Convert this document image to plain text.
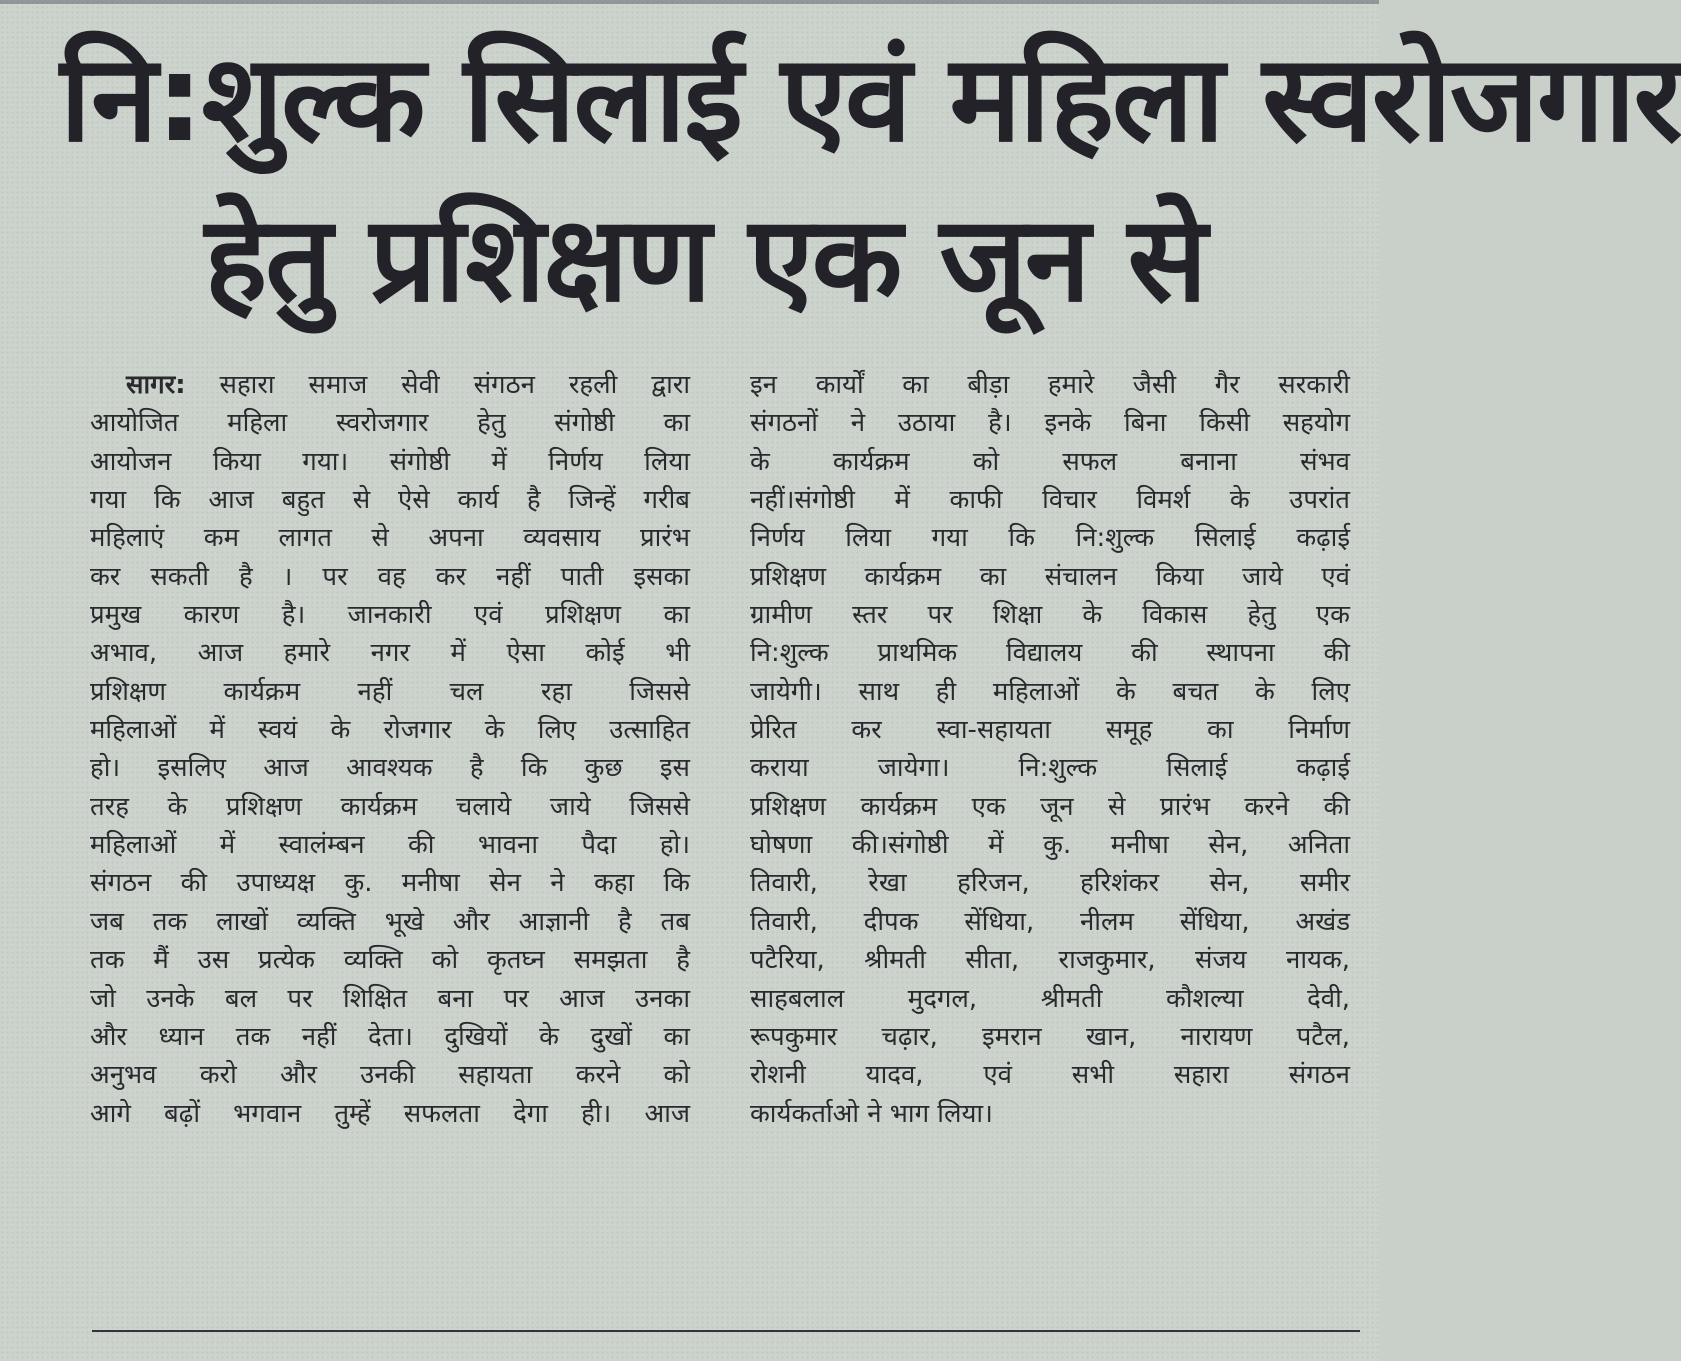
नि:शुल्क सिलाई एवं महिला स्वरोजगार
हेतु प्रशिक्षण एक जून से
सागर: सहारा समाज सेवी संगठन रहली द्वारा
आयोजित महिला स्वरोजगार हेतु संगोष्ठी का
आयोजन किया गया। संगोष्ठी में निर्णय लिया
गया कि आज बहुत से ऐसे कार्य है जिन्हें गरीब
महिलाएं कम लागत से अपना व्यवसाय प्रारंभ
कर सकती है । पर वह कर नहीं पाती इसका
प्रमुख कारण है। जानकारी एवं प्रशिक्षण का
अभाव, आज हमारे नगर में ऐसा कोई भी
प्रशिक्षण कार्यक्रम नहीं चल रहा जिससे
महिलाओं में स्वयं के रोजगार के लिए उत्साहित
हो। इसलिए आज आवश्यक है कि कुछ इस
तरह के प्रशिक्षण कार्यक्रम चलाये जाये जिससे
महिलाओं में स्वालंम्बन की भावना पैदा हो।
संगठन की उपाध्यक्ष कु. मनीषा सेन ने कहा कि
जब तक लाखों व्यक्ति भूखे और आज्ञानी है तब
तक मैं उस प्रत्येक व्यक्ति को कृतघ्न समझता है
जो उनके बल पर शिक्षित बना पर आज उनका
और ध्यान तक नहीं देता। दुखियों के दुखों का
अनुभव करो और उनकी सहायता करने को
आगे बढ़ों भगवान तुम्हें सफलता देगा ही। आज
इन कार्यों का बीड़ा हमारे जैसी गैर सरकारी
संगठनों ने उठाया है। इनके बिना किसी सहयोग
के कार्यक्रम को सफल बनाना संभव
नहीं।संगोष्ठी में काफी विचार विमर्श के उपरांत
निर्णय लिया गया कि नि:शुल्क सिलाई कढ़ाई
प्रशिक्षण कार्यक्रम का संचालन किया जाये एवं
ग्रामीण स्तर पर शिक्षा के विकास हेतु एक
नि:शुल्क प्राथमिक विद्यालय की स्थापना की
जायेगी। साथ ही महिलाओं के बचत के लिए
प्रेरित कर स्वा-सहायता समूह का निर्माण
कराया जायेगा। नि:शुल्क सिलाई कढ़ाई
प्रशिक्षण कार्यक्रम एक जून से प्रारंभ करने की
घोषणा की।संगोष्ठी में कु. मनीषा सेन, अनिता
तिवारी, रेखा हरिजन, हरिशंकर सेन, समीर
तिवारी, दीपक सेंधिया, नीलम सेंधिया, अखंड
पटैरिया, श्रीमती सीता, राजकुमार, संजय नायक,
साहबलाल मुदगल, श्रीमती कौशल्या देवी,
रूपकुमार चढ़ार, इमरान खान, नारायण पटैल,
रोशनी यादव, एवं सभी सहारा संगठन
कार्यकर्ताओ ने भाग लिया।
